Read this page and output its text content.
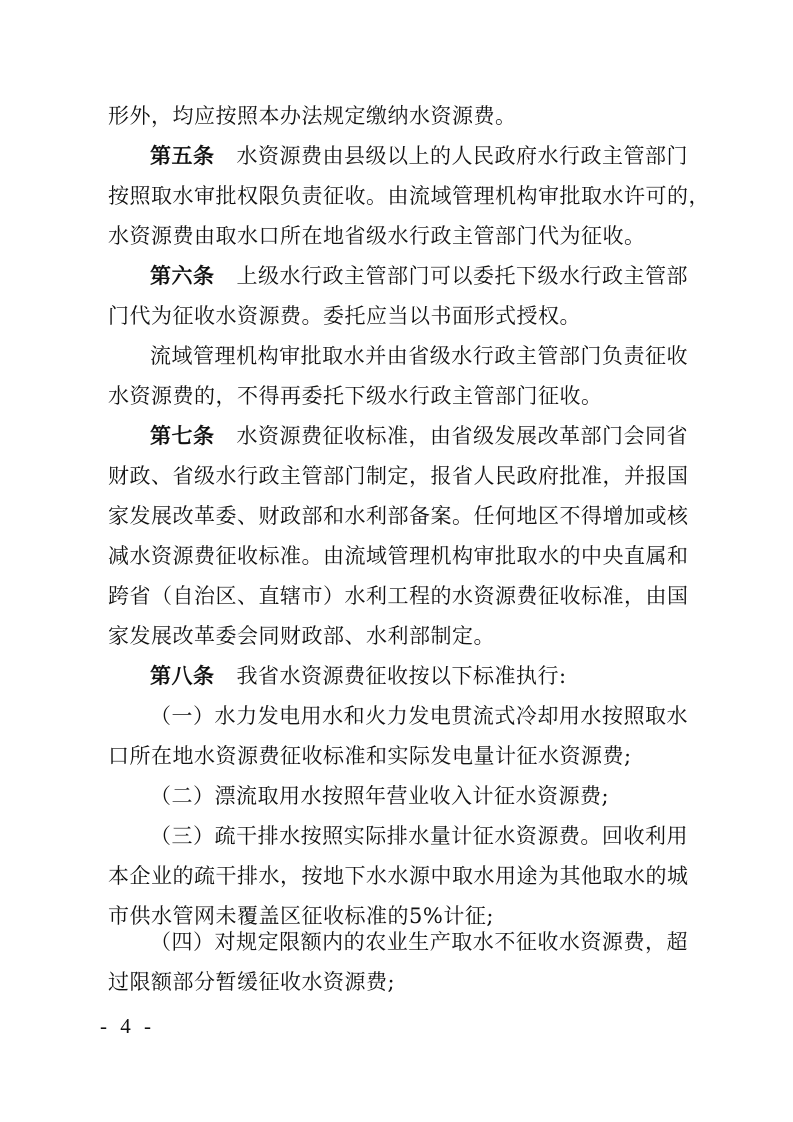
形外，均应按照本办法规定缴纳水资源费。
第五条 水资源费由县级以上的人民政府水行政主管部门
按照取水审批权限负责征收。由流域管理机构审批取水许可的，
水资源费由取水口所在地省级水行政主管部门代为征收。
第六条 上级水行政主管部门可以委托下级水行政主管部
门代为征收水资源费。委托应当以书面形式授权。
流域管理机构审批取水并由省级水行政主管部门负责征收
水资源费的，不得再委托下级水行政主管部门征收。
第七条 水资源费征收标准，由省级发展改革部门会同省
财政、省级水行政主管部门制定，报省人民政府批准，并报国
家发展改革委、财政部和水利部备案。任何地区不得增加或核
减水资源费征收标准。由流域管理机构审批取水的中央直属和
跨省（自治区、直辖市）水利工程的水资源费征收标准，由国
家发展改革委会同财政部、水利部制定。
第八条 我省水资源费征收按以下标准执行:
（一）水力发电用水和火力发电贯流式冷却用水按照取水
口所在地水资源费征收标准和实际发电量计征水资源费;
（二）漂流取用水按照年营业收入计征水资源费;
（三）疏干排水按照实际排水量计征水资源费。回收利用
本企业的疏干排水，按地下水水源中取水用途为其他取水的城
市供水管网未覆盖区征收标准的5%计征;
（四）对规定限额内的农业生产取水不征收水资源费，超
过限额部分暂缓征收水资源费;
- 4 -
